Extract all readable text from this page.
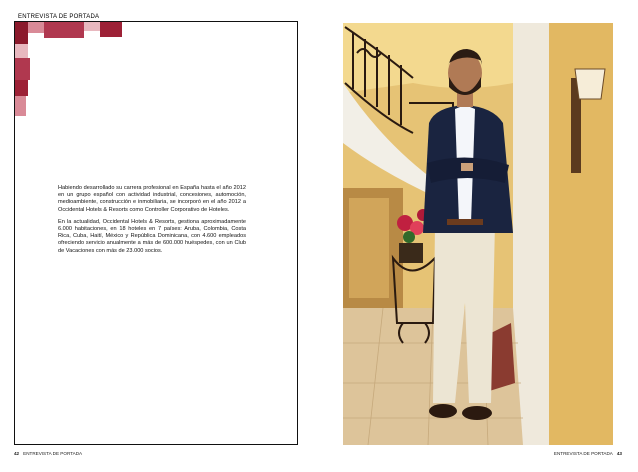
ENTREVISTA DE PORTADA

Habiendo desarrollado su carrera profesional en España hasta el año 2012 en un grupo español con actividad industrial, concesiones, automoción, medioambiente, construcción e inmobiliaria, se incorporó en el año 2012 a Occidental Hotels & Resorts como Controller Corporativo de Hoteles.

En la actualidad, Occidental Hotels & Resorts, gestiona aproximadamente 6.000 habitaciones, en 18 hoteles en 7 países: Aruba, Colombia, Costa Rica, Cuba, Haití, México y República Dominicana, con 4.600 empleados ofreciendo servicio anualmente a más de 600.000 huéspedes, con un Club de Vacaciones con más de 23.000 socios.

42 ENTREVISTA DE PORTADA	ENTREVISTA DE PORTADA 43
